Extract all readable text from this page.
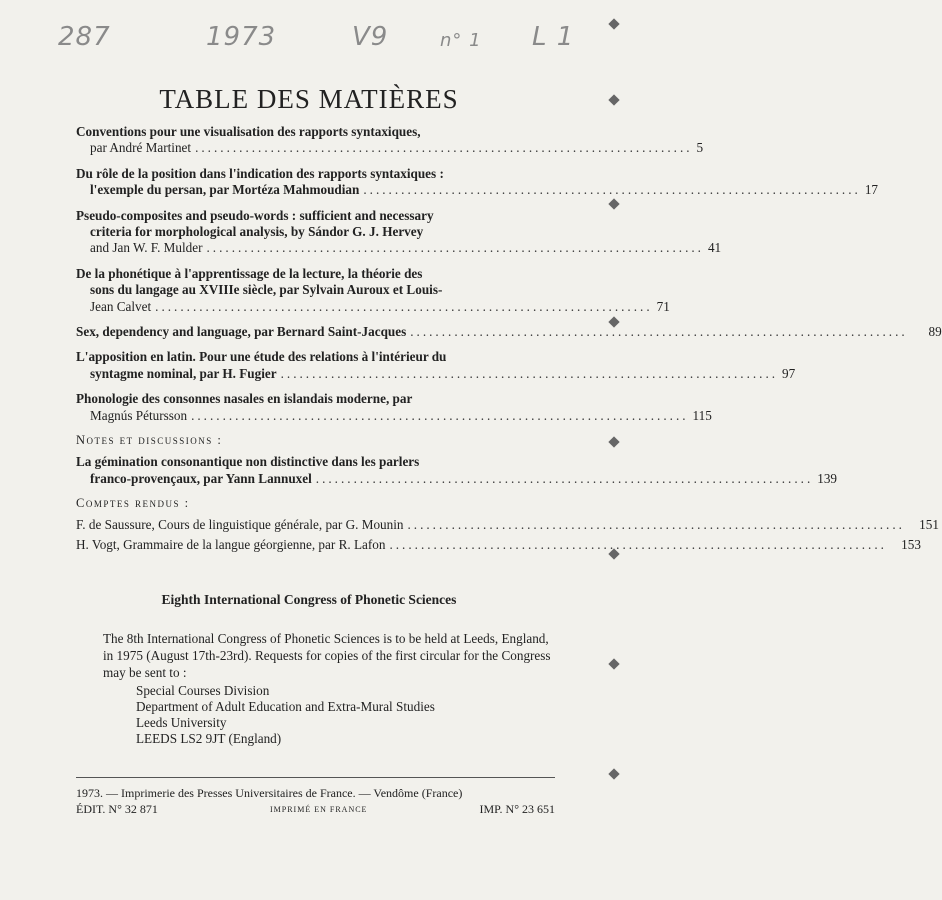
287	1973	V9	n° 1 L 1
TABLE DES MATIÈRES
Conventions pour une visualisation des rapports syntaxiques,
par André Martinet ............................................................................... 5
Du rôle de la position dans l'indication des rapports syntaxiques :
l'exemple du persan, par Mortéza Mahmoudian ............................................................................... 17
Pseudo-composites and pseudo-words : sufficient and necessary
criteria for morphological analysis, by Sándor G. J. Hervey
and Jan W. F. Mulder ............................................................................... 41
De la phonétique à l'apprentissage de la lecture, la théorie des
sons du langage au XVIIIe siècle, par Sylvain Auroux et Louis-
Jean Calvet ............................................................................... 71
Sex, dependency and language, par Bernard Saint-Jacques ...............................................................................	89
L'apposition en latin. Pour une étude des relations à l'intérieur du
syntagme nominal, par H. Fugier ............................................................................... 97
Phonologie des consonnes nasales en islandais moderne, par
Magnús Pétursson ............................................................................... 115
Notes et discussions :
La gémination consonantique non distinctive dans les parlers
franco-provençaux, par Yann Lannuxel ............................................................................... 139
Comptes rendus :
F. de Saussure, Cours de linguistique générale, par G. Mounin ...............................................................................	151
H. Vogt, Grammaire de la langue géorgienne, par R. Lafon ...............................................................................	153
Eighth International Congress of Phonetic Sciences
The 8th International Congress of Phonetic Sciences is to be held at Leeds, England, in 1975 (August 17th-23rd). Requests for copies of the first circular for the Congress may be sent to :
Special Courses Division
Department of Adult Education and Extra-Mural Studies
Leeds University
LEEDS LS2 9JT (England)
1973. — Imprimerie des Presses Universitaires de France. — Vendôme (France)
ÉDIT. N° 32 871	IMPRIMÉ EN FRANCE	IMP. N° 23 651
